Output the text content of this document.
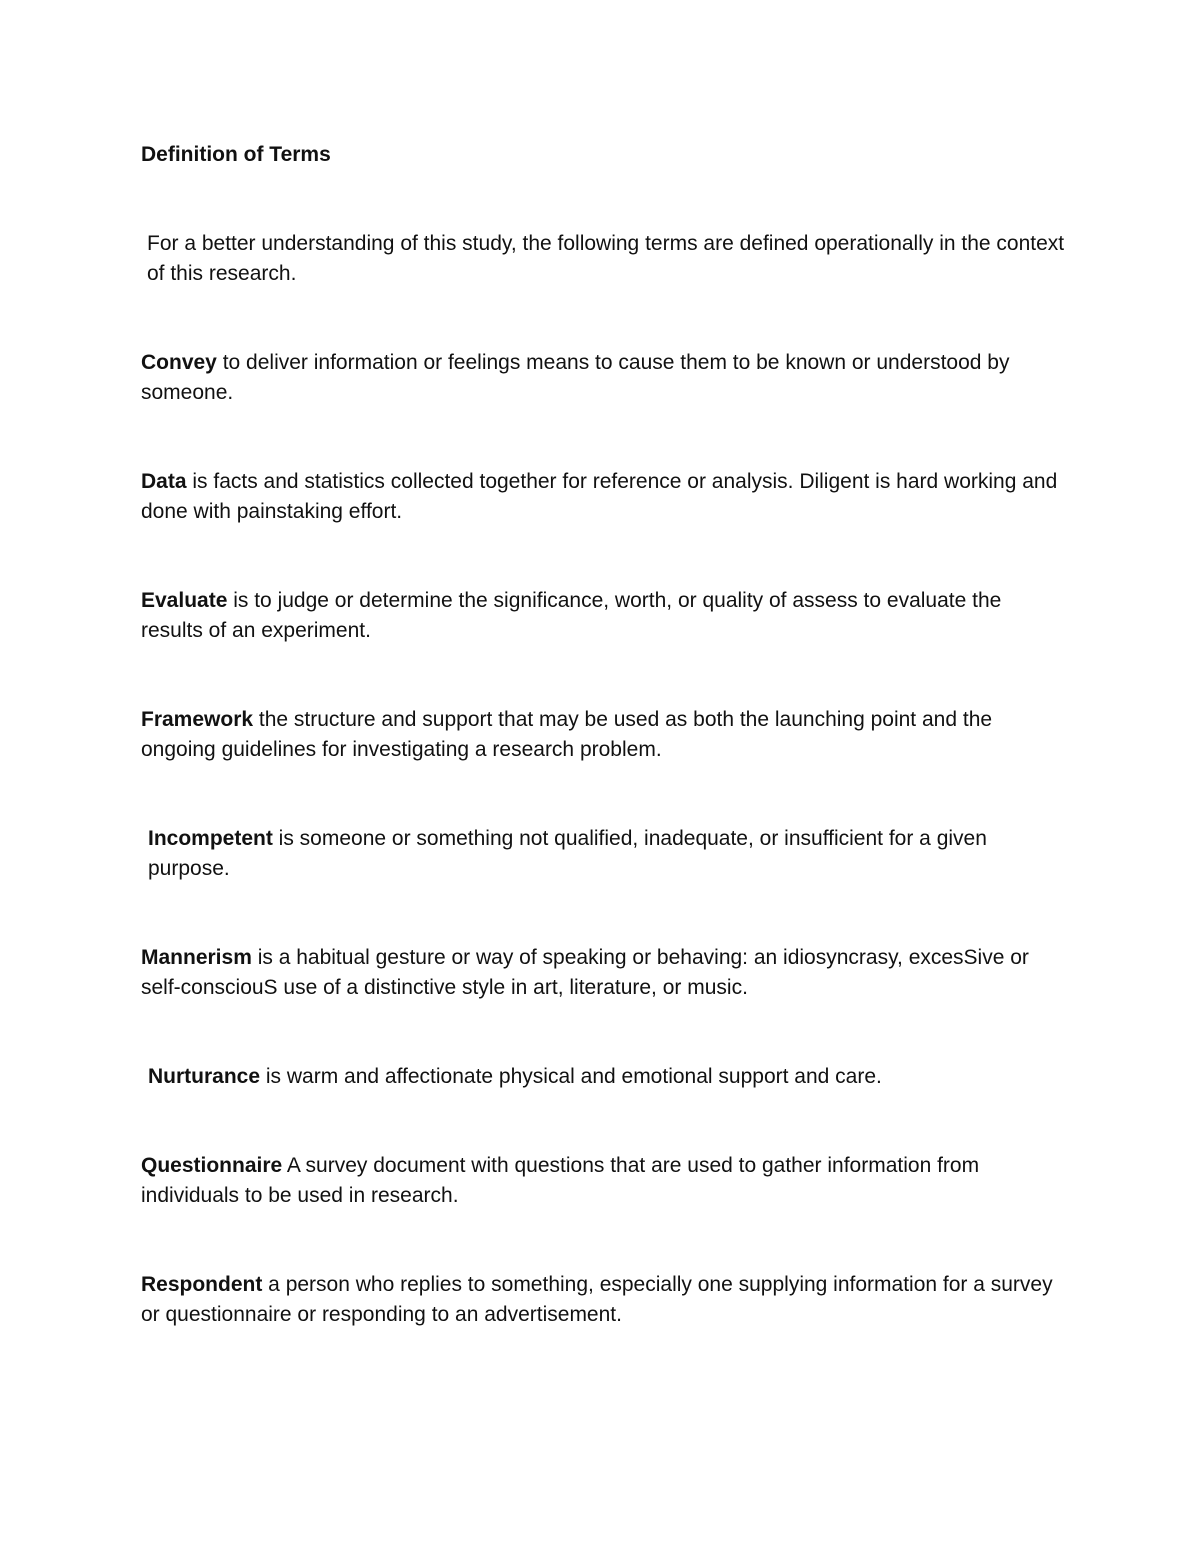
Definition of Terms

For a better understanding of this study, the following terms are defined operationally in the context of this research.

Convey to deliver information or feelings means to cause them to be known or understood by someone.

Data is facts and statistics collected together for reference or analysis. Diligent is hard working and done with painstaking effort.

Evaluate is to judge or determine the significance, worth, or quality of assess to evaluate the results of an experiment.

Framework the structure and support that may be used as both the launching point and the ongoing guidelines for investigating a research problem.

Incompetent is someone or something not qualified, inadequate, or insufficient for a given purpose.

Mannerism is a habitual gesture or way of speaking or behaving: an idiosyncrasy, excesSive or self-consciouS use of a distinctive style in art, literature, or music.

Nurturance is warm and affectionate physical and emotional support and care.

Questionnaire A survey document with questions that are used to gather information from individuals to be used in research.

Respondent a person who replies to something, especially one supplying information for a survey or questionnaire or responding to an advertisement.
